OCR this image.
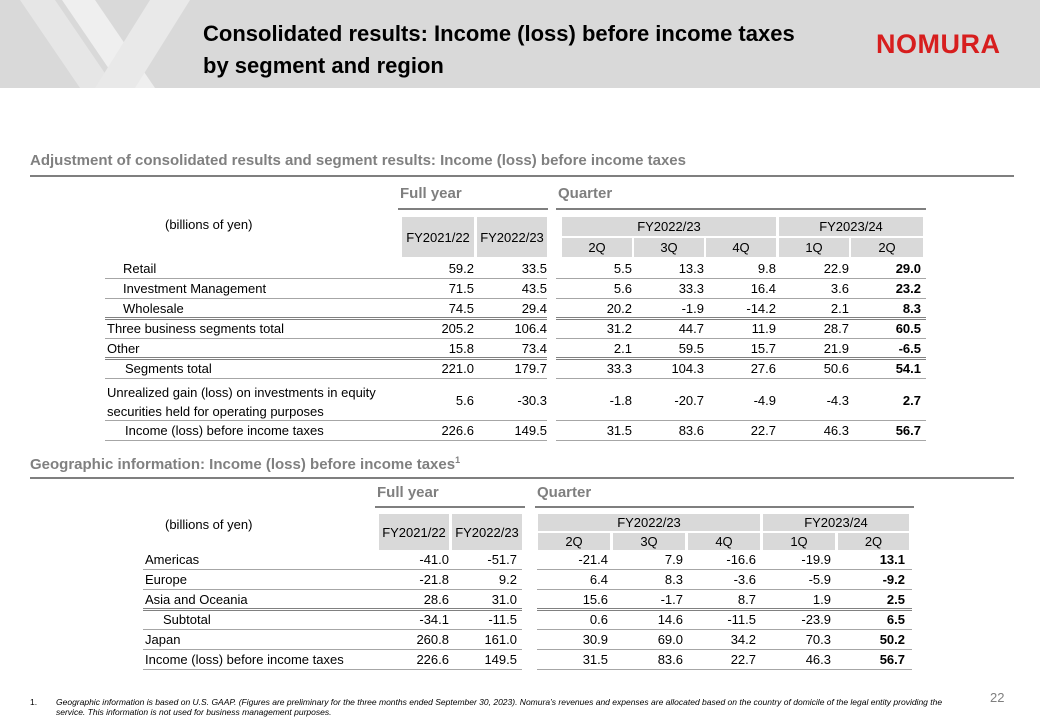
Consolidated results: Income (loss) before income taxes
by segment and region
NOMURA
Adjustment of consolidated results and segment results: Income (loss) before income taxes
Full year	Quarter
(billions of yen)
FY2021/22 FY2022/23
FY2022/23	FY2023/24
2Q	3Q	4Q	1Q	2Q
Retail	59.2	33.5	5.5	13.3	9.8	22.9	29.0
Investment Management	71.5	43.5	5.6	33.3	16.4	3.6	23.2
Wholesale	74.5	29.4	20.2	-1.9	-14.2	2.1	8.3
Three business segments total	205.2	106.4	31.2	44.7	11.9	28.7	60.5
Other	15.8	73.4	2.1	59.5	15.7	21.9	-6.5
Segments total	221.0	179.7	33.3	104.3	27.6	50.6	54.1
Unrealized gain (loss) on investments in equity
securities held for operating purposes
5.6	-30.3	-1.8	-20.7	-4.9	-4.3	2.7
Income (loss) before income taxes	226.6	149.5	31.5	83.6	22.7	46.3	56.7
Geographic information: Income (loss) before income taxes$^1$
Full year	Quarter
(billions of yen)	FY2021/22 FY2022/23
FY2022/23	FY2023/24
2Q	3Q	4Q	1Q	2Q
Americas	-41.0	-51.7	-21.4	7.9	-16.6	-19.9	13.1
Europe	-21.8	9.2	6.4	8.3	-3.6	-5.9	-9.2
Asia and Oceania	28.6	31.0	15.6	-1.7	8.7	1.9	2.5
Subtotal	-34.1	-11.5	0.6	14.6	-11.5	-23.9	6.5
Japan	260.8	161.0	30.9	69.0	34.2	70.3	50.2
Income (loss) before income taxes	226.6	149.5	31.5	83.6	22.7	46.3	56.7
1. Geographic information is based on U.S. GAAP. (Figures are preliminary for the three months ended September 30, 2023). Nomura’s revenues and expenses are allocated based on the country of domicile of the legal entity providing the service. This information is not used for business management purposes.
22
